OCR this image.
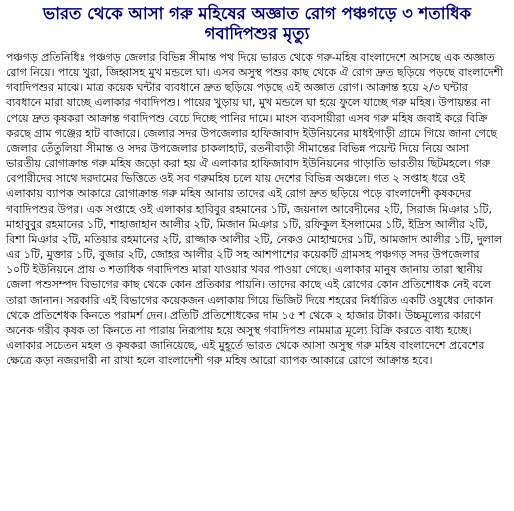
ভারত থেকে আসা গরু মহিষের অজ্ঞাত রোগ পঞ্চগড়ে ৩ শতাধিক গবাদিপশুর মৃত্যু

পঞ্চগড় প্রতিনিধিঃ পঞ্চগড় জেলার বিভিন্ন সীমান্ত পথ দিয়ে ভারত থেকে গরু-মহিষ বাংলাদেশে আসছে এক অজ্ঞাত রোগ নিয়ে। পায়ে খুরা, জিহ্বাসহ মুখ মন্ডলে ঘা। এসব অসুস্থ পশুর কাছ থেকে ঐ রোগ দ্রুত ছড়িয়ে পড়ছে বাংলাদেশী গবাদিপশুর মাঝে। মাত্র কয়েক ঘন্টার ব্যবধানে দ্রুত ছড়িয়ে পড়ছে এই অজ্ঞাত রোগ। আক্রান্ত হয়ে ২/৩ ঘন্টার ব্যবধানে মারা যাচ্ছে এলাকার গবাদিপশু। পায়ের খুড়ায় ঘা, মুখ মন্ডলে ঘা হয়ে ফুলে যাচ্ছে গরু মহিষ। উপায়ন্তর না পেয়ে দ্রুত কৃষকরা আক্রান্ত গবাদিপশু বেচে দিচ্ছে পানির দামে। মাংস ব্যবসায়ীরা এসব গরু মহিষ জবাই করে বিক্রি করছে গ্রাম গঞ্জের হাট বাজারে। জেলার সদর উপজেলার হাফিজাবাদ ইউনিয়নের মাধইগাড়ী গ্রামে গিয়ে জানা গেছে জেলার তেঁতুলিয়া সীমান্ত ও সদর উপজেলার চাকলাহাট, রতনীবাড়ী সীমান্তের বিভিন্ন পয়েন্ট দিয়ে নিয়ে আসা ভারতীয় রোগাক্রান্ত গরু মহিষ জড়ো করা হয় ঐ এলাকার হাফিজাবাদ ইউনিয়নের গাড়াতি ভারতীয় ছিটমহলে। গরু বেপারীদের সাথে দরদামের ভিত্তিতে ওই সব গরুমহিষ চলে যায় দেশের বিভিন্ন অঞ্চলে। গত ২ সপ্তাহ ধরে ওই এলাকায় ব্যাপক আকারে রোগাক্রান্ত গরু মহিষ আনায় তাদের এই রোগ দ্রুত ছড়িয়ে পড়ে বাংলাদেশী কৃষকদের গবাদিপশুর উপর। এক সপ্তাহে ওই এলাকার হাবিবুর রহমানের ১টি, জয়নাল আবেদীনের ২টি, সিরাজ মিঞার ১টি, মাহাবুবুর রহমানের ১টি, শাহাজাহান আলীর ২টি, মিজান মিঞার ১টি, রফিকুল ইসলামের ১টি, ইদ্রিস আলীর ২টি, বিশা মিঞার ২টি, মতিয়ার রহমানের ২টি, রাজ্জাক আলীর ২টি, নেকও মোহাম্মদের ১টি, আমজাদ আলীর ১টি, দুলাল এর ১টি, মুক্তার ১টি, বুজার ২টি, জোহর আলীর ২টি সহ আশপাশের কয়েকটি গ্রামসহ পঞ্চগড় সদর উপজেলার ১০টি ইউনিয়নে প্রায় ৩ শতাধিক গবাদিপশু মারা যাওয়ার খবর পাওয়া গেছে। এলাকার মানুষ জানায় তারা স্থানীয় জেলা পশুসম্পদ বিভাগের কাছ থেকে কোন প্রতিকার পায়নি। তাদের কাছে এই রোগের কোন প্রতিশোধক নেই বলে তারা জানান। সরকারি এই বিভাগের কয়েকজন এলাকায় গিয়ে ভিজিট দিয়ে শহরের নির্ধারিত একটি ওষুধের দোকান থেকে প্রতিশেধক কিনতে পরামর্শ দেন। প্রতিটি প্রতিশোধকের দাম ১৫ শ থেকে ২ হাজার টাকা। উচ্চমূল্যের কারণে অনেক গরীব কৃষক তা কিনতে না পারায় নিরূপায় হয়ে অসুস্থ গবাদিপশু নামমাত্র মূল্যে বিক্রি করতে বাধ্য হচ্ছে। এলাকার সচেতন মহল ও কৃষকরা জানিয়েছে, এই মুহূর্তে ভারত থেকে আসা অসুস্থ গরু মহিষ বাংলাদেশে প্রবেশের ক্ষেত্রে কড়া নজরদারী না রাখা হলে বাংলাদেশী গরু মহিষ আরো ব্যাপক আকারে রোগে আক্রান্ত হবে।
